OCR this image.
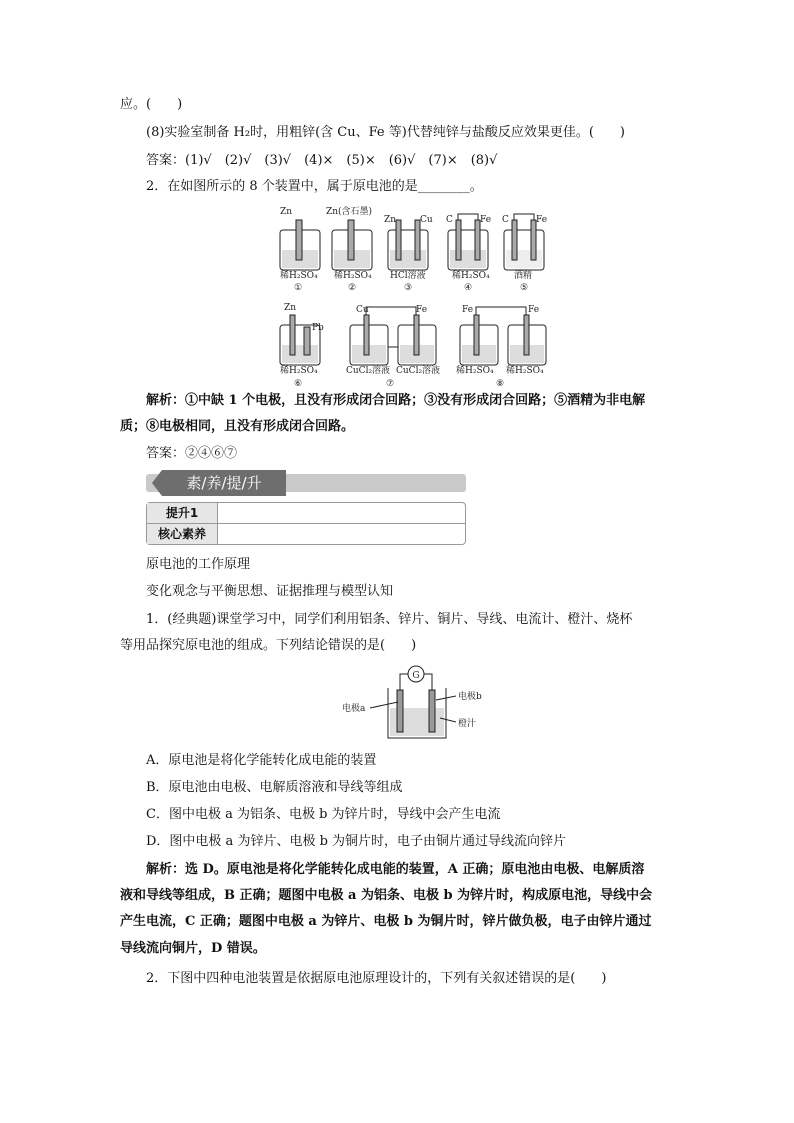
应。(　　)
(8)实验室制备 H₂时，用粗锌(含 Cu、Fe 等)代替纯锌与盐酸反应效果更佳。(　　)
答案：(1)√　(2)√　(3)√　(4)×　(5)×　(6)√　(7)×　(8)√
2．在如图所示的 8 个装置中，属于原电池的是________。
Zn	Zn(含石墨)
Zn	Cu C	Fe C	Fe
稀H₂SO₄ 稀H₂SO₄ HCl溶液	稀H₂SO₄	酒精
①	②	③	④	⑤
Zn
Pb
Cu	Fe	Fe	Fe
稀H₂SO₄	CuCl₂溶液 CuCl₂溶液 稀H₂SO₄ 稀H₂SO₄
⑥	⑦	⑧
解析：①中缺 1 个电极，且没有形成闭合回路；③没有形成闭合回路；⑤酒精为非电解
质；⑧电极相同，且没有形成闭合回路。
答案：②④⑥⑦
素/养/提/升
提升1
核心素养
原电池的工作原理
变化观念与平衡思想、证据推理与模型认知
1．(经典题)课堂学习中，同学们利用铝条、锌片、铜片、导线、电流计、橙汁、烧杯
等用品探究原电池的组成。下列结论错误的是(　　)
G
电极a
电极b
橙汁
A．原电池是将化学能转化成电能的装置
B．原电池由电极、电解质溶液和导线等组成
C．图中电极 a 为铝条、电极 b 为锌片时，导线中会产生电流
D．图中电极 a 为锌片、电极 b 为铜片时，电子由铜片通过导线流向锌片
解析：选 D。原电池是将化学能转化成电能的装置，A 正确；原电池由电极、电解质溶
液和导线等组成，B 正确；题图中电极 a 为铝条、电极 b 为锌片时，构成原电池，导线中会
产生电流，C 正确；题图中电极 a 为锌片、电极 b 为铜片时，锌片做负极，电子由锌片通过
导线流向铜片，D 错误。
2．下图中四种电池装置是依据原电池原理设计的，下列有关叙述错误的是(　　)
